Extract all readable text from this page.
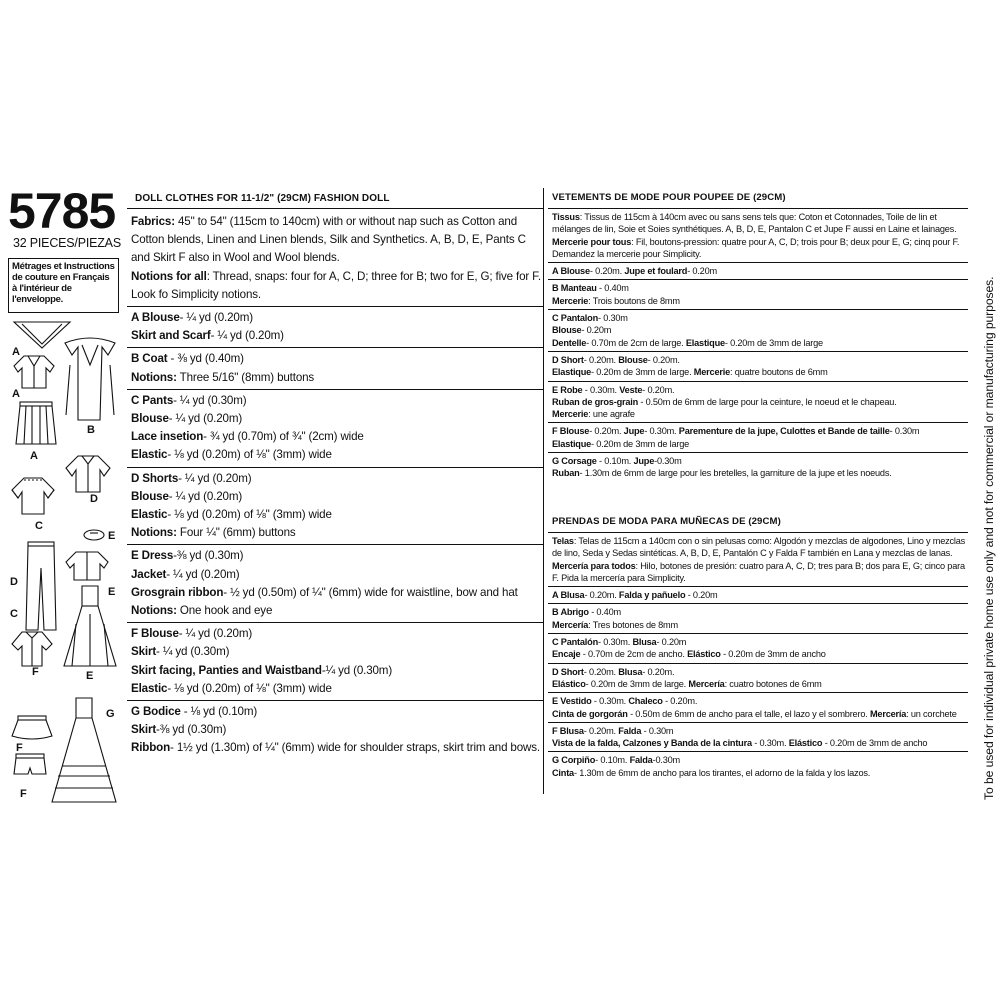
5785
32 PIECES/PIEZAS
Métrages et Instructions de couture en Français à l'intérieur de l'enveloppe.
A
A
B
A
C
D
E
D
C
E
F	E
G
F
F
DOLL CLOTHES FOR 11-1/2" (29CM) FASHION DOLL

Fabrics: 45" to 54" (115cm to 140cm) with or without nap such as Cotton and Cotton blends, Linen and Linen blends, Silk and Synthetics. A, B, D, E, Pants C and Skirt F also in Wool and Wool blends.

Notions for all: Thread, snaps: four for A, C, D; three for B; two for E, G; five for F. Look fo Simplicity notions.

A Blouse- ¼ yd (0.20m)

Skirt and Scarf- ¼ yd (0.20m)

B Coat - ⅜ yd (0.40m)

Notions: Three 5/16" (8mm) buttons

C Pants- ¼ yd (0.30m)

Blouse- ¼ yd (0.20m)

Lace insetion- ¾ yd (0.70m) of ¾" (2cm) wide

Elastic- ⅛ yd (0.20m) of ⅛" (3mm) wide

D Shorts- ¼ yd (0.20m)

Blouse- ¼ yd (0.20m)

Elastic- ⅛ yd (0.20m) of ⅛" (3mm) wide

Notions: Four ¼" (6mm) buttons

E Dress-⅜ yd (0.30m)

Jacket- ¼ yd (0.20m)

Grosgrain ribbon- ½ yd (0.50m) of ¼" (6mm) wide for waistline, bow and hat

Notions: One hook and eye

F Blouse- ¼ yd (0.20m)

Skirt- ¼ yd (0.30m)

Skirt facing, Panties and Waistband-¼ yd (0.30m)

Elastic- ⅛ yd (0.20m) of ⅛" (3mm) wide

G Bodice - ⅛ yd (0.10m)

Skirt-⅜ yd (0.30m)

Ribbon- 1½ yd (1.30m) of ¼" (6mm) wide for shoulder straps, skirt trim and bows.

VETEMENTS DE MODE POUR POUPEE DE (29CM)

Tissus: Tissus de 115cm à 140cm avec ou sans sens tels que: Coton et Cotonnades, Toile de lin et mélanges de lin, Soie et Soies synthétiques. A, B, D, E, Pantalon C et Jupe F aussi en Laine et lainages. Mercerie pour tous: Fil, boutons-pression: quatre pour A, C, D; trois pour B; deux pour E, G; cinq pour F. Demandez la mercerie pour Simplicity.

A Blouse- 0.20m. Jupe et foulard- 0.20m

B Manteau - 0.40m

Mercerie: Trois boutons de 8mm

C Pantalon- 0.30m

Blouse- 0.20m

Dentelle- 0.70m de 2cm de large. Elastique- 0.20m de 3mm de large

D Short- 0.20m. Blouse- 0.20m.

Elastique- 0.20m de 3mm de large. Mercerie: quatre boutons de 6mm

E Robe - 0.30m. Veste- 0.20m.

Ruban de gros-grain - 0.50m de 6mm de large pour la ceinture, le noeud et le chapeau.

Mercerie: une agrafe

F Blouse- 0.20m. Jupe- 0.30m. Parementure de la jupe, Culottes et Bande de taille- 0.30m

Elastique- 0.20m de 3mm de large

G Corsage - 0.10m. Jupe-0.30m

Ruban- 1.30m de 6mm de large pour les bretelles, la garniture de la jupe et les noeuds.

PRENDAS DE MODA PARA MUÑECAS DE (29CM)

Telas: Telas de 115cm a 140cm con o sin pelusas como: Algodón y mezclas de algodones, Lino y mezclas de lino, Seda y Sedas sintéticas. A, B, D, E, Pantalón C y Falda F también en Lana y mezclas de lanas. Mercería para todos: Hilo, botones de presión: cuatro para A, C, D; tres para B; dos para E, G; cinco para F. Pida la mercería para Simplicity.

A Blusa- 0.20m. Falda y pañuelo - 0.20m

B Abrigo - 0.40m

Mercería: Tres botones de 8mm

C Pantalón- 0.30m. Blusa- 0.20m

Encaje - 0.70m de 2cm de ancho. Elástico - 0.20m de 3mm de ancho

D Short- 0.20m. Blusa- 0.20m.

Elástico- 0.20m de 3mm de large. Mercería: cuatro botones de 6mm

E Vestido - 0.30m. Chaleco - 0.20m.

Cinta de gorgorán - 0.50m de 6mm de ancho para el talle, el lazo y el sombrero. Mercería: un corchete

F Blusa- 0.20m. Falda - 0.30m

Vista de la falda, Calzones y Banda de la cintura - 0.30m. Elástico - 0.20m de 3mm de ancho

G Corpiño- 0.10m. Falda-0.30m

Cinta- 1.30m de 6mm de ancho para los tirantes, el adorno de la falda y los lazos.	To be used for individual private home use only and not for commercial or manufacturing purposes.
